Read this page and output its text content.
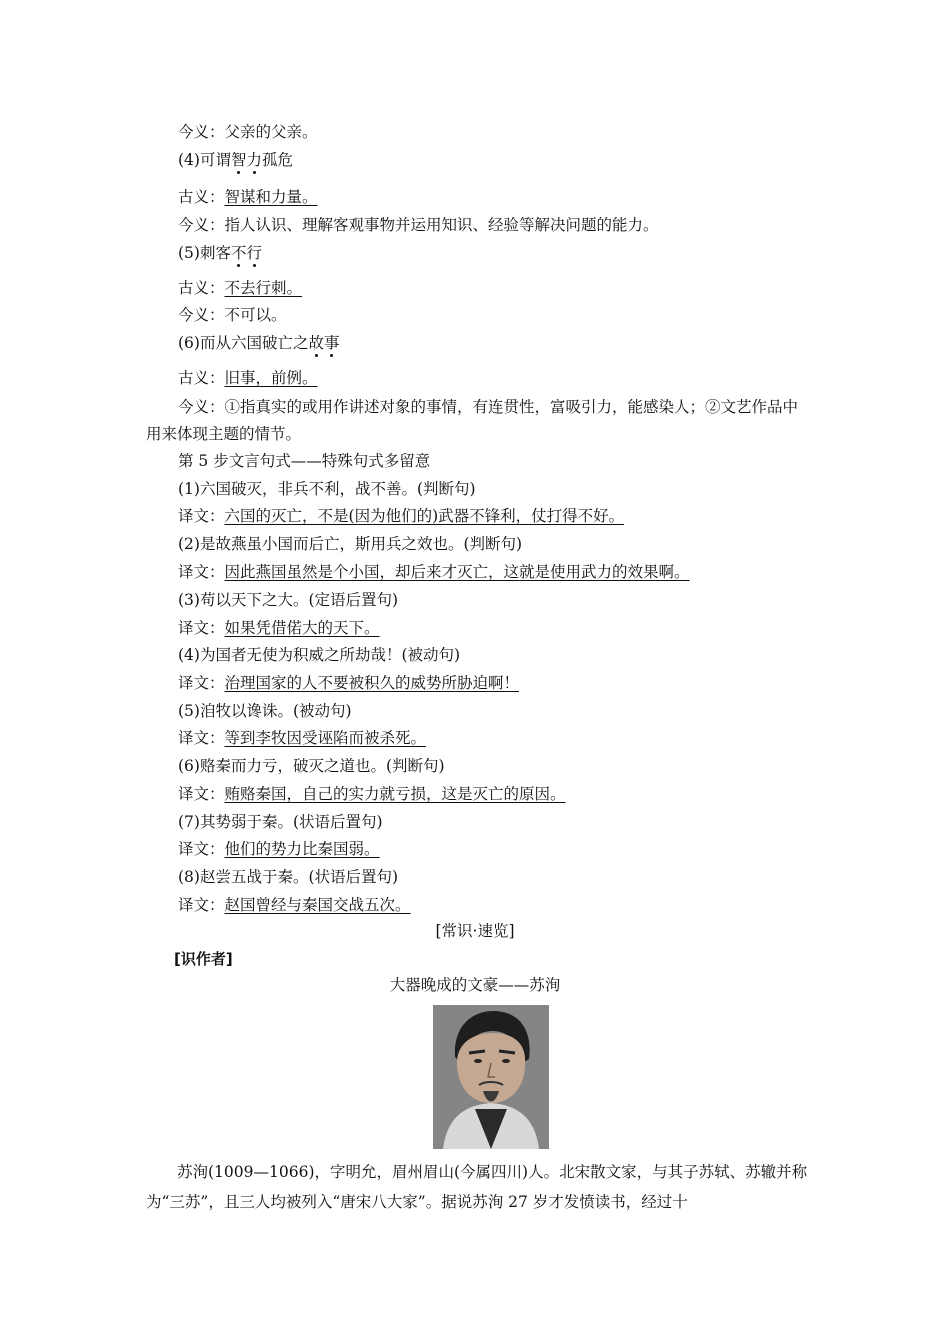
今义：父亲的父亲。
(4)可谓智力孤危
古义：智谋和力量。
今义：指人认识、理解客观事物并运用知识、经验等解决问题的能力。
(5)刺客不行
古义：不去行刺。
今义：不可以。
(6)而从六国破亡之故事
古义：旧事，前例。
今义：①指真实的或用作讲述对象的事情，有连贯性，富吸引力，能感染人；②文艺作品中用来体现主题的情节。
第 5 步文言句式——特殊句式多留意
(1)六国破灭，非兵不利，战不善。(判断句)
译文：六国的灭亡，不是(因为他们的)武器不锋利，仗打得不好。
(2)是故燕虽小国而后亡，斯用兵之效也。(判断句)
译文：因此燕国虽然是个小国，却后来才灭亡，这就是使用武力的效果啊。
(3)苟以天下之大。(定语后置句)
译文：如果凭借偌大的天下。
(4)为国者无使为积威之所劫哉！(被动句)
译文：治理国家的人不要被积久的威势所胁迫啊！
(5)洎牧以谗诛。(被动句)
译文：等到李牧因受诬陷而被杀死。
(6)赂秦而力亏，破灭之道也。(判断句)
译文：贿赂秦国，自己的实力就亏损，这是灭亡的原因。
(7)其势弱于秦。(状语后置句)
译文：他们的势力比秦国弱。
(8)赵尝五战于秦。(状语后置句)
译文：赵国曾经与秦国交战五次。
[常识·速览]
[识作者]
大器晚成的文豪——苏洵
苏洵(1009—1066)，字明允，眉州眉山(今属四川)人。北宋散文家，与其子苏轼、苏辙并称为“三苏”，且三人均被列入“唐宋八大家”。据说苏洵 27 岁才发愤读书，经过十
